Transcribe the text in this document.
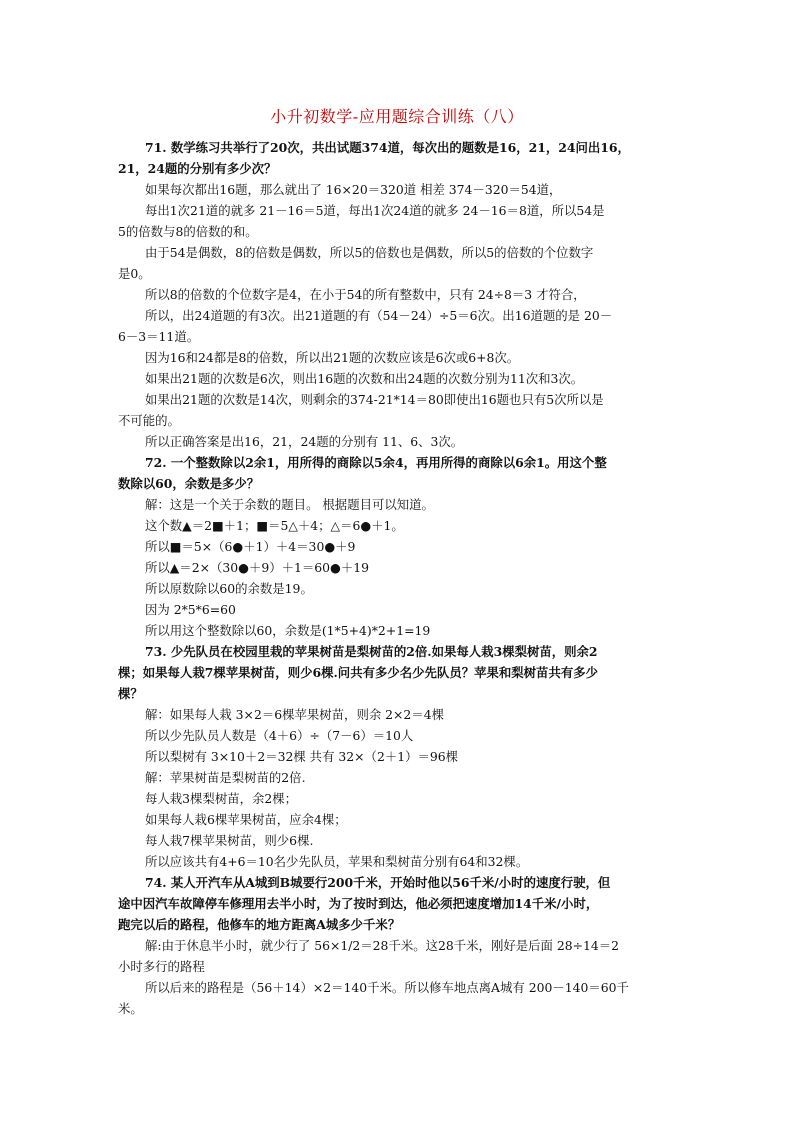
小升初数学-应用题综合训练（八）
71. 数学练习共举行了20次，共出试题374道，每次出的题数是16，21，24问出16，
21，24题的分别有多少次？
如果每次都出16题，那么就出了 16×20＝320道 相差 374－320＝54道，
每出1次21道的就多 21－16＝5道，每出1次24道的就多 24－16＝8道，所以54是
5的倍数与8的倍数的和。
由于54是偶数，8的倍数是偶数，所以5的倍数也是偶数，所以5的倍数的个位数字
是0。
所以8的倍数的个位数字是4，在小于54的所有整数中，只有 24÷8＝3 才符合，
所以，出24道题的有3次。出21道题的有（54－24）÷5＝6次。出16道题的是 20－
6－3＝11道。
因为16和24都是8的倍数，所以出21题的次数应该是6次或6+8次。
如果出21题的次数是6次，则出16题的次数和出24题的次数分别为11次和3次。
如果出21题的次数是14次，则剩余的374-21*14＝80即使出16题也只有5次所以是
不可能的。
所以正确答案是出16，21，24题的分别有 11、6、3次。
72. 一个整数除以2余1，用所得的商除以5余4，再用所得的商除以6余1。用这个整
数除以60，余数是多少？
解：这是一个关于余数的题目。 根据题目可以知道。
这个数▲＝2■＋1；■＝5△＋4；△＝6●＋1。
所以■＝5×（6●＋1）＋4＝30●＋9
所以▲＝2×（30●＋9）＋1＝60●＋19
所以原数除以60的余数是19。
因为 2*5*6=60
所以用这个整数除以60，余数是(1*5+4)*2+1=19
73. 少先队员在校园里栽的苹果树苗是梨树苗的2倍.如果每人栽3棵梨树苗，则余2
棵；如果每人栽7棵苹果树苗，则少6棵.问共有多少名少先队员？苹果和梨树苗共有多少
棵？
解：如果每人栽 3×2＝6棵苹果树苗，则余 2×2＝4棵
所以少先队员人数是（4＋6）÷（7－6）＝10人
所以梨树有 3×10＋2＝32棵 共有 32×（2＋1）＝96棵
解：苹果树苗是梨树苗的2倍.
每人栽3棵梨树苗，余2棵；
如果每人栽6棵苹果树苗，应余4棵；
每人栽7棵苹果树苗，则少6棵.
所以应该共有4+6＝10名少先队员，苹果和梨树苗分别有64和32棵。
74. 某人开汽车从A城到B城要行200千米，开始时他以56千米/小时的速度行驶，但
途中因汽车故障停车修理用去半小时，为了按时到达，他必须把速度增加14千米/小时，
跑完以后的路程，他修车的地方距离A城多少千米？
解:由于休息半小时，就少行了 56×1/2＝28千米。这28千米，刚好是后面 28÷14＝2
小时多行的路程
所以后来的路程是（56＋14）×2＝140千米。所以修车地点离A城有 200－140＝60千
米。
